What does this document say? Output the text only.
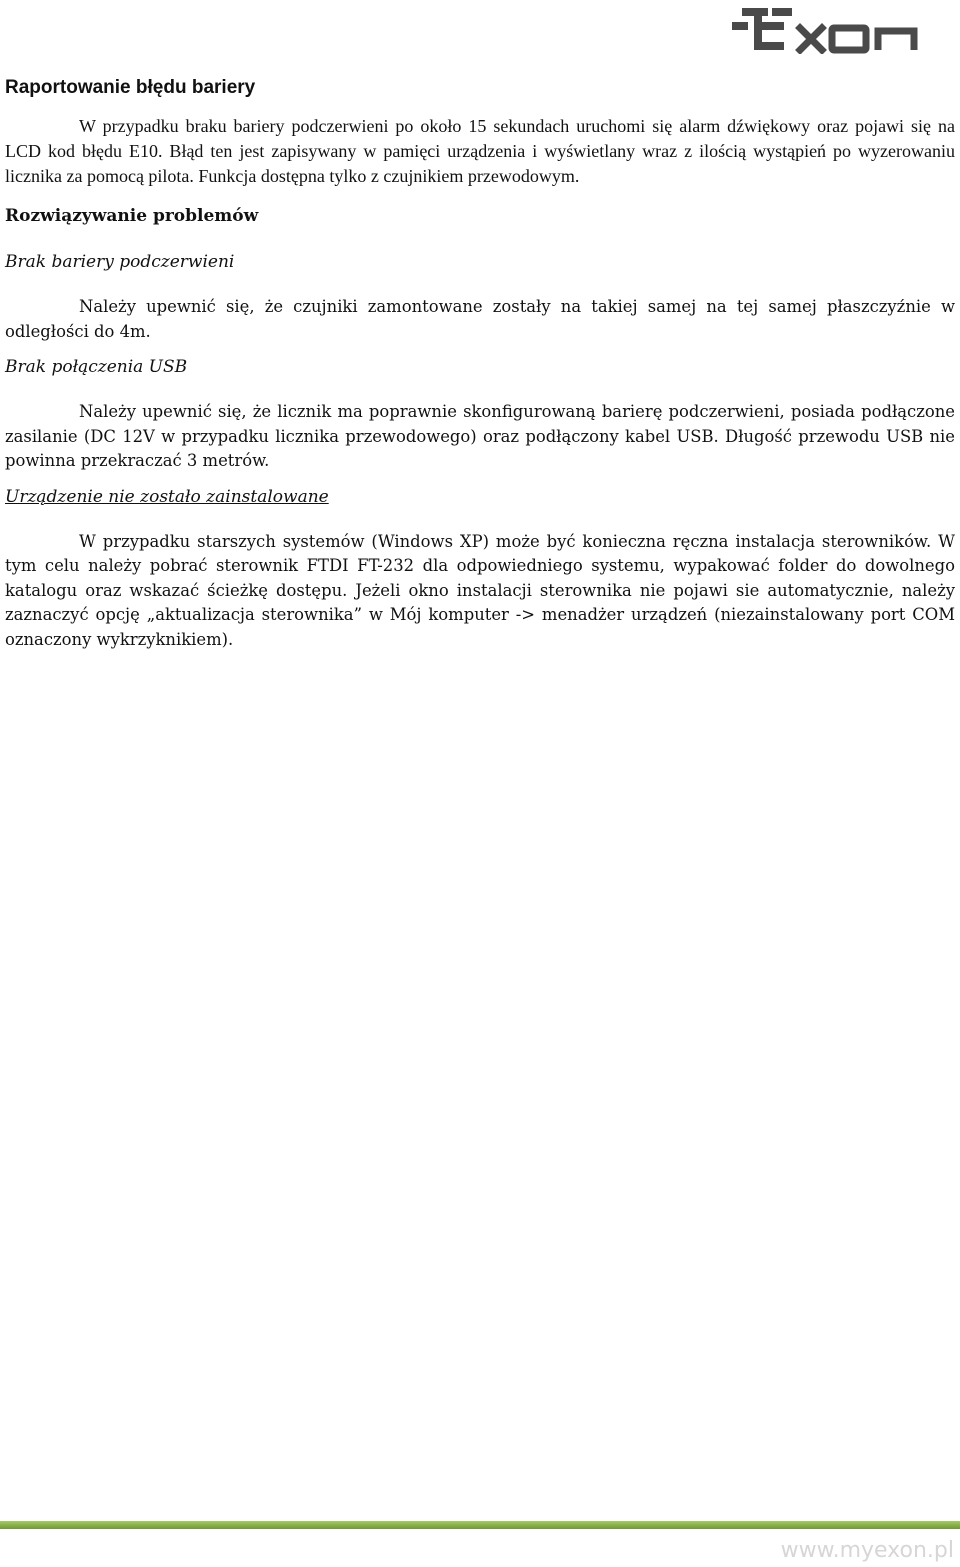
Raportowanie błędu bariery

W przypadku braku bariery podczerwieni po około 15 sekundach uruchomi się alarm dźwiękowy oraz pojawi się na LCD kod błędu E10. Błąd ten jest zapisywany w pamięci urządzenia i wyświetlany wraz z ilością wystąpień po wyzerowaniu licznika za pomocą pilota. Funkcja dostępna tylko z czujnikiem przewodowym.

Rozwiązywanie problemów
Brak bariery podczerwieni

Należy upewnić się, że czujniki zamontowane zostały na takiej samej na tej samej płaszczyźnie w odległości do 4m.

Brak połączenia USB

Należy upewnić się, że licznik ma poprawnie skonfigurowaną barierę podczerwieni, posiada podłączone zasilanie (DC 12V w przypadku licznika przewodowego) oraz podłączony kabel USB. Długość przewodu USB nie powinna przekraczać 3 metrów.

Urządzenie nie zostało zainstalowane

W przypadku starszych systemów (Windows XP) może być konieczna ręczna instalacja sterowników. W tym celu należy pobrać sterownik FTDI FT-232 dla odpowiedniego systemu, wypakować folder do dowolnego katalogu oraz wskazać ścieżkę dostępu. Jeżeli okno instalacji sterownika nie pojawi sie automatycznie, należy zaznaczyć opcję „aktualizacja sterownika” w Mój komputer -> menadżer urządzeń (niezainstalowany port COM oznaczony wykrzyknikiem).

www.myexon.pl
